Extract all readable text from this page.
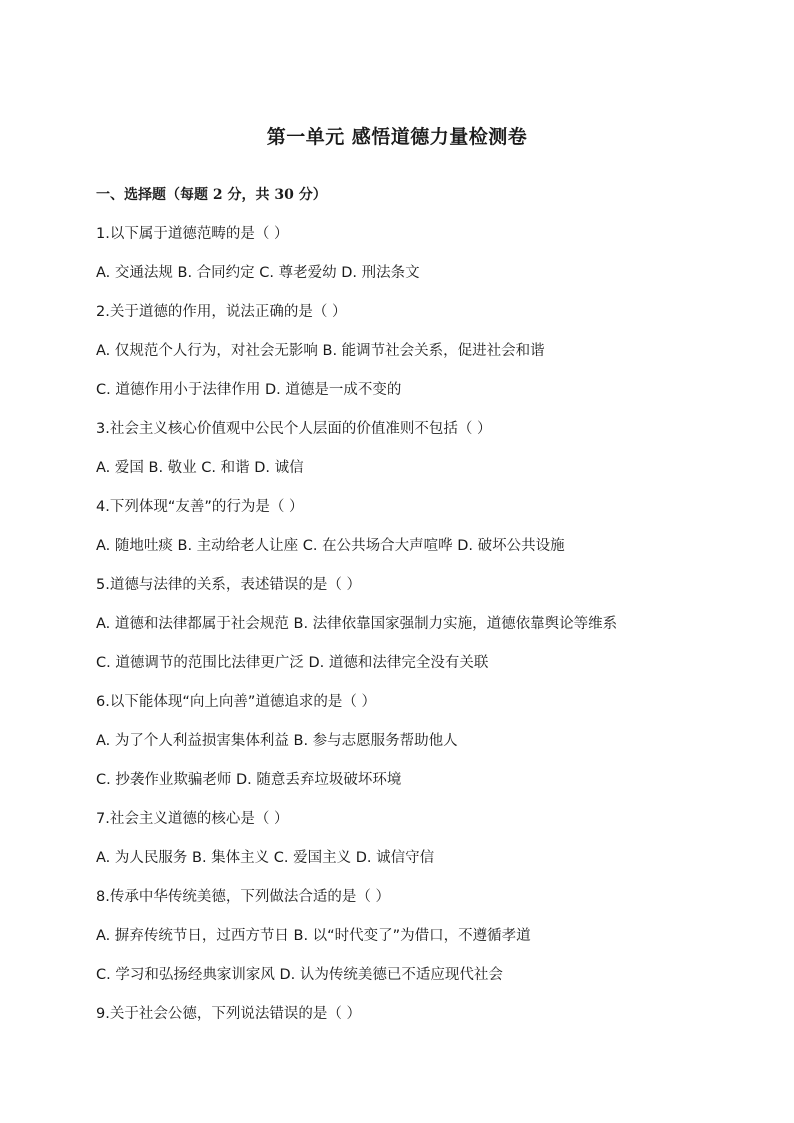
第一单元 感悟道德力量检测卷
一、选择题（每题 2 分，共 30 分）
1.以下属于道德范畴的是（ ）
A. 交通法规 B. 合同约定 C. 尊老爱幼 D. 刑法条文
2.关于道德的作用，说法正确的是（ ）
A. 仅规范个人行为，对社会无影响 B. 能调节社会关系，促进社会和谐
C. 道德作用小于法律作用 D. 道德是一成不变的
3.社会主义核心价值观中公民个人层面的价值准则不包括（ ）
A. 爱国 B. 敬业 C. 和谐 D. 诚信
4.下列体现“友善”的行为是（ ）
A. 随地吐痰 B. 主动给老人让座 C. 在公共场合大声喧哗 D. 破坏公共设施
5.道德与法律的关系，表述错误的是（ ）
A. 道德和法律都属于社会规范 B. 法律依靠国家强制力实施，道德依靠舆论等维系
C. 道德调节的范围比法律更广泛 D. 道德和法律完全没有关联
6.以下能体现“向上向善”道德追求的是（ ）
A. 为了个人利益损害集体利益 B. 参与志愿服务帮助他人
C. 抄袭作业欺骗老师 D. 随意丢弃垃圾破坏环境
7.社会主义道德的核心是（ ）
A. 为人民服务 B. 集体主义 C. 爱国主义 D. 诚信守信
8.传承中华传统美德，下列做法合适的是（ ）
A. 摒弃传统节日，过西方节日 B. 以“时代变了”为借口，不遵循孝道
C. 学习和弘扬经典家训家风 D. 认为传统美德已不适应现代社会
9.关于社会公德，下列说法错误的是（ ）
